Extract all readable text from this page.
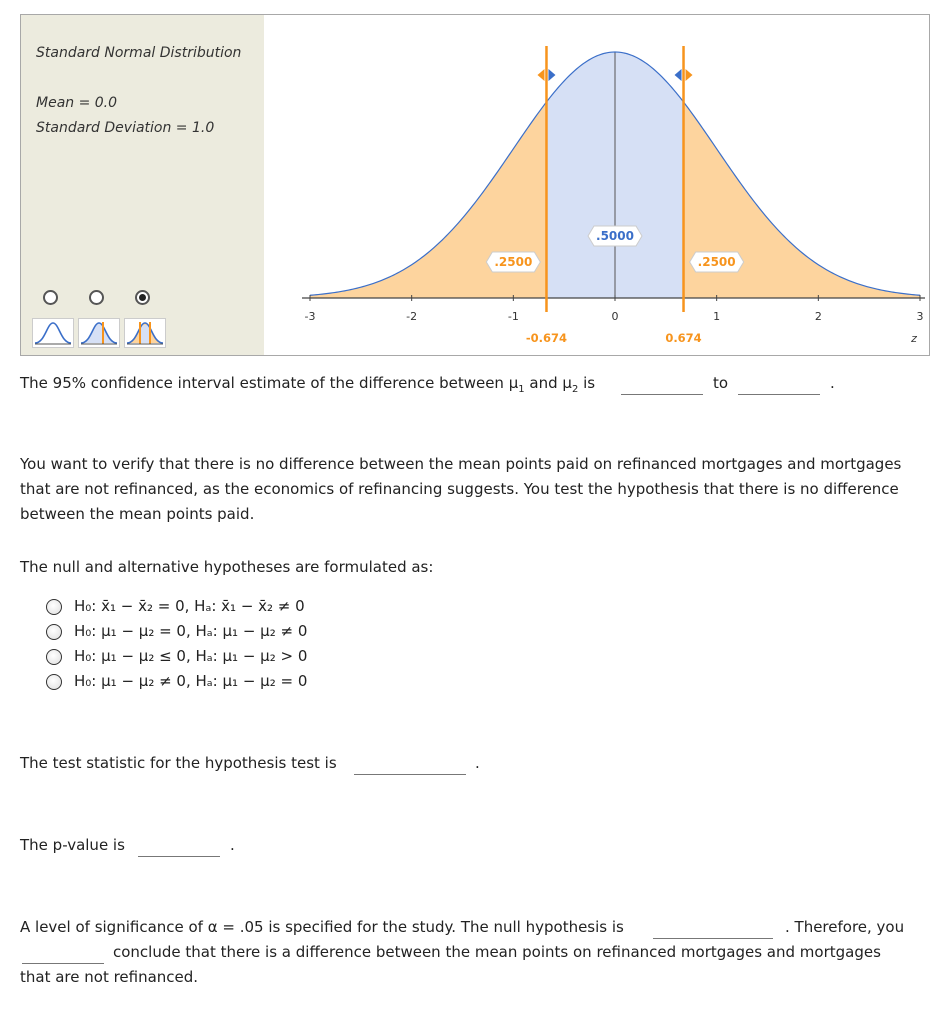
Standard Normal Distribution
Mean = 0.0
Standard Deviation = 1.0
-3	-2	-1	0	1	2	3
z
-0.674	0.674
.2500
.5000
.2500
The 95% confidence interval estimate of the difference between $\mu_1$ and $\mu_2$ is	to	.
You want to verify that there is no difference between the mean points paid on refinanced mortgages and mortgages
that are not refinanced, as the economics of refinancing suggests. You test the hypothesis that there is no difference
between the mean points paid.
The null and alternative hypotheses are formulated as:
H₀: x̄₁ − x̄₂ = 0, Hₐ: x̄₁ − x̄₂ ≠ 0
H₀: μ₁ − μ₂ = 0, Hₐ: μ₁ − μ₂ ≠ 0
H₀: μ₁ − μ₂ ≤ 0, Hₐ: μ₁ − μ₂ > 0
H₀: μ₁ − μ₂ ≠ 0, Hₐ: μ₁ − μ₂ = 0
The test statistic for the hypothesis test is	.
The p-value is	.
A level of significance of α = .05 is specified for the study. The null hypothesis is	. Therefore, you
conclude that there is a difference between the mean points on refinanced mortgages and mortgages
that are not refinanced.
